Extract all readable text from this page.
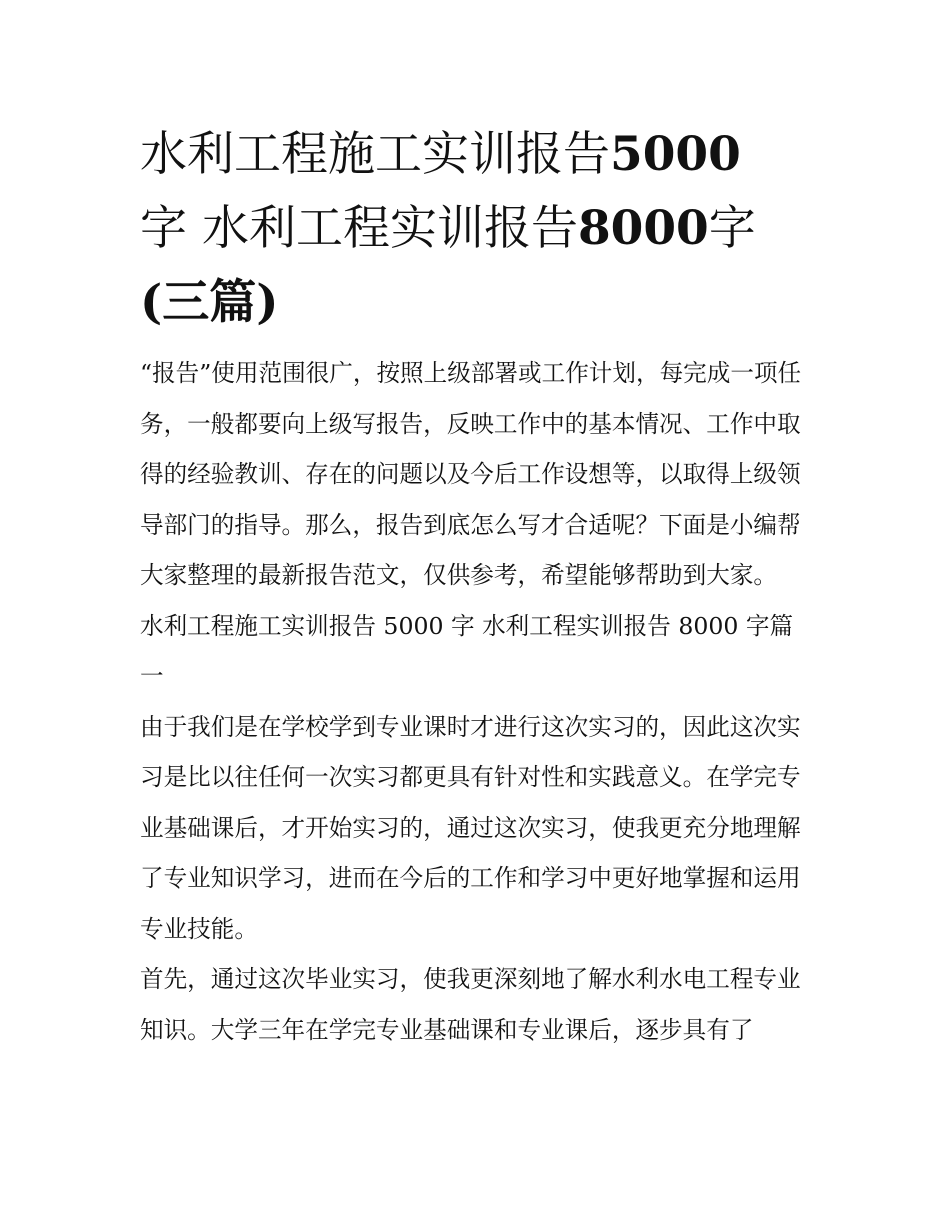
水利工程施工实训报告5000
字 水利工程实训报告8000字
(三篇)

“报告”使用范围很广，按照上级部署或工作计划，每完成一项任务，一般都要向上级写报告，反映工作中的基本情况、工作中取得的经验教训、存在的问题以及今后工作设想等，以取得上级领导部门的指导。那么，报告到底怎么写才合适呢？下面是小编帮大家整理的最新报告范文，仅供参考，希望能够帮助到大家。

水利工程施工实训报告 5000 字 水利工程实训报告 8000 字篇一

由于我们是在学校学到专业课时才进行这次实习的，因此这次实习是比以往任何一次实习都更具有针对性和实践意义。在学完专业基础课后，才开始实习的，通过这次实习，使我更充分地理解了专业知识学习，进而在今后的工作和学习中更好地掌握和运用专业技能。

首先，通过这次毕业实习，使我更深刻地了解水利水电工程专业知识。大学三年在学完专业基础课和专业课后，逐步具有了
